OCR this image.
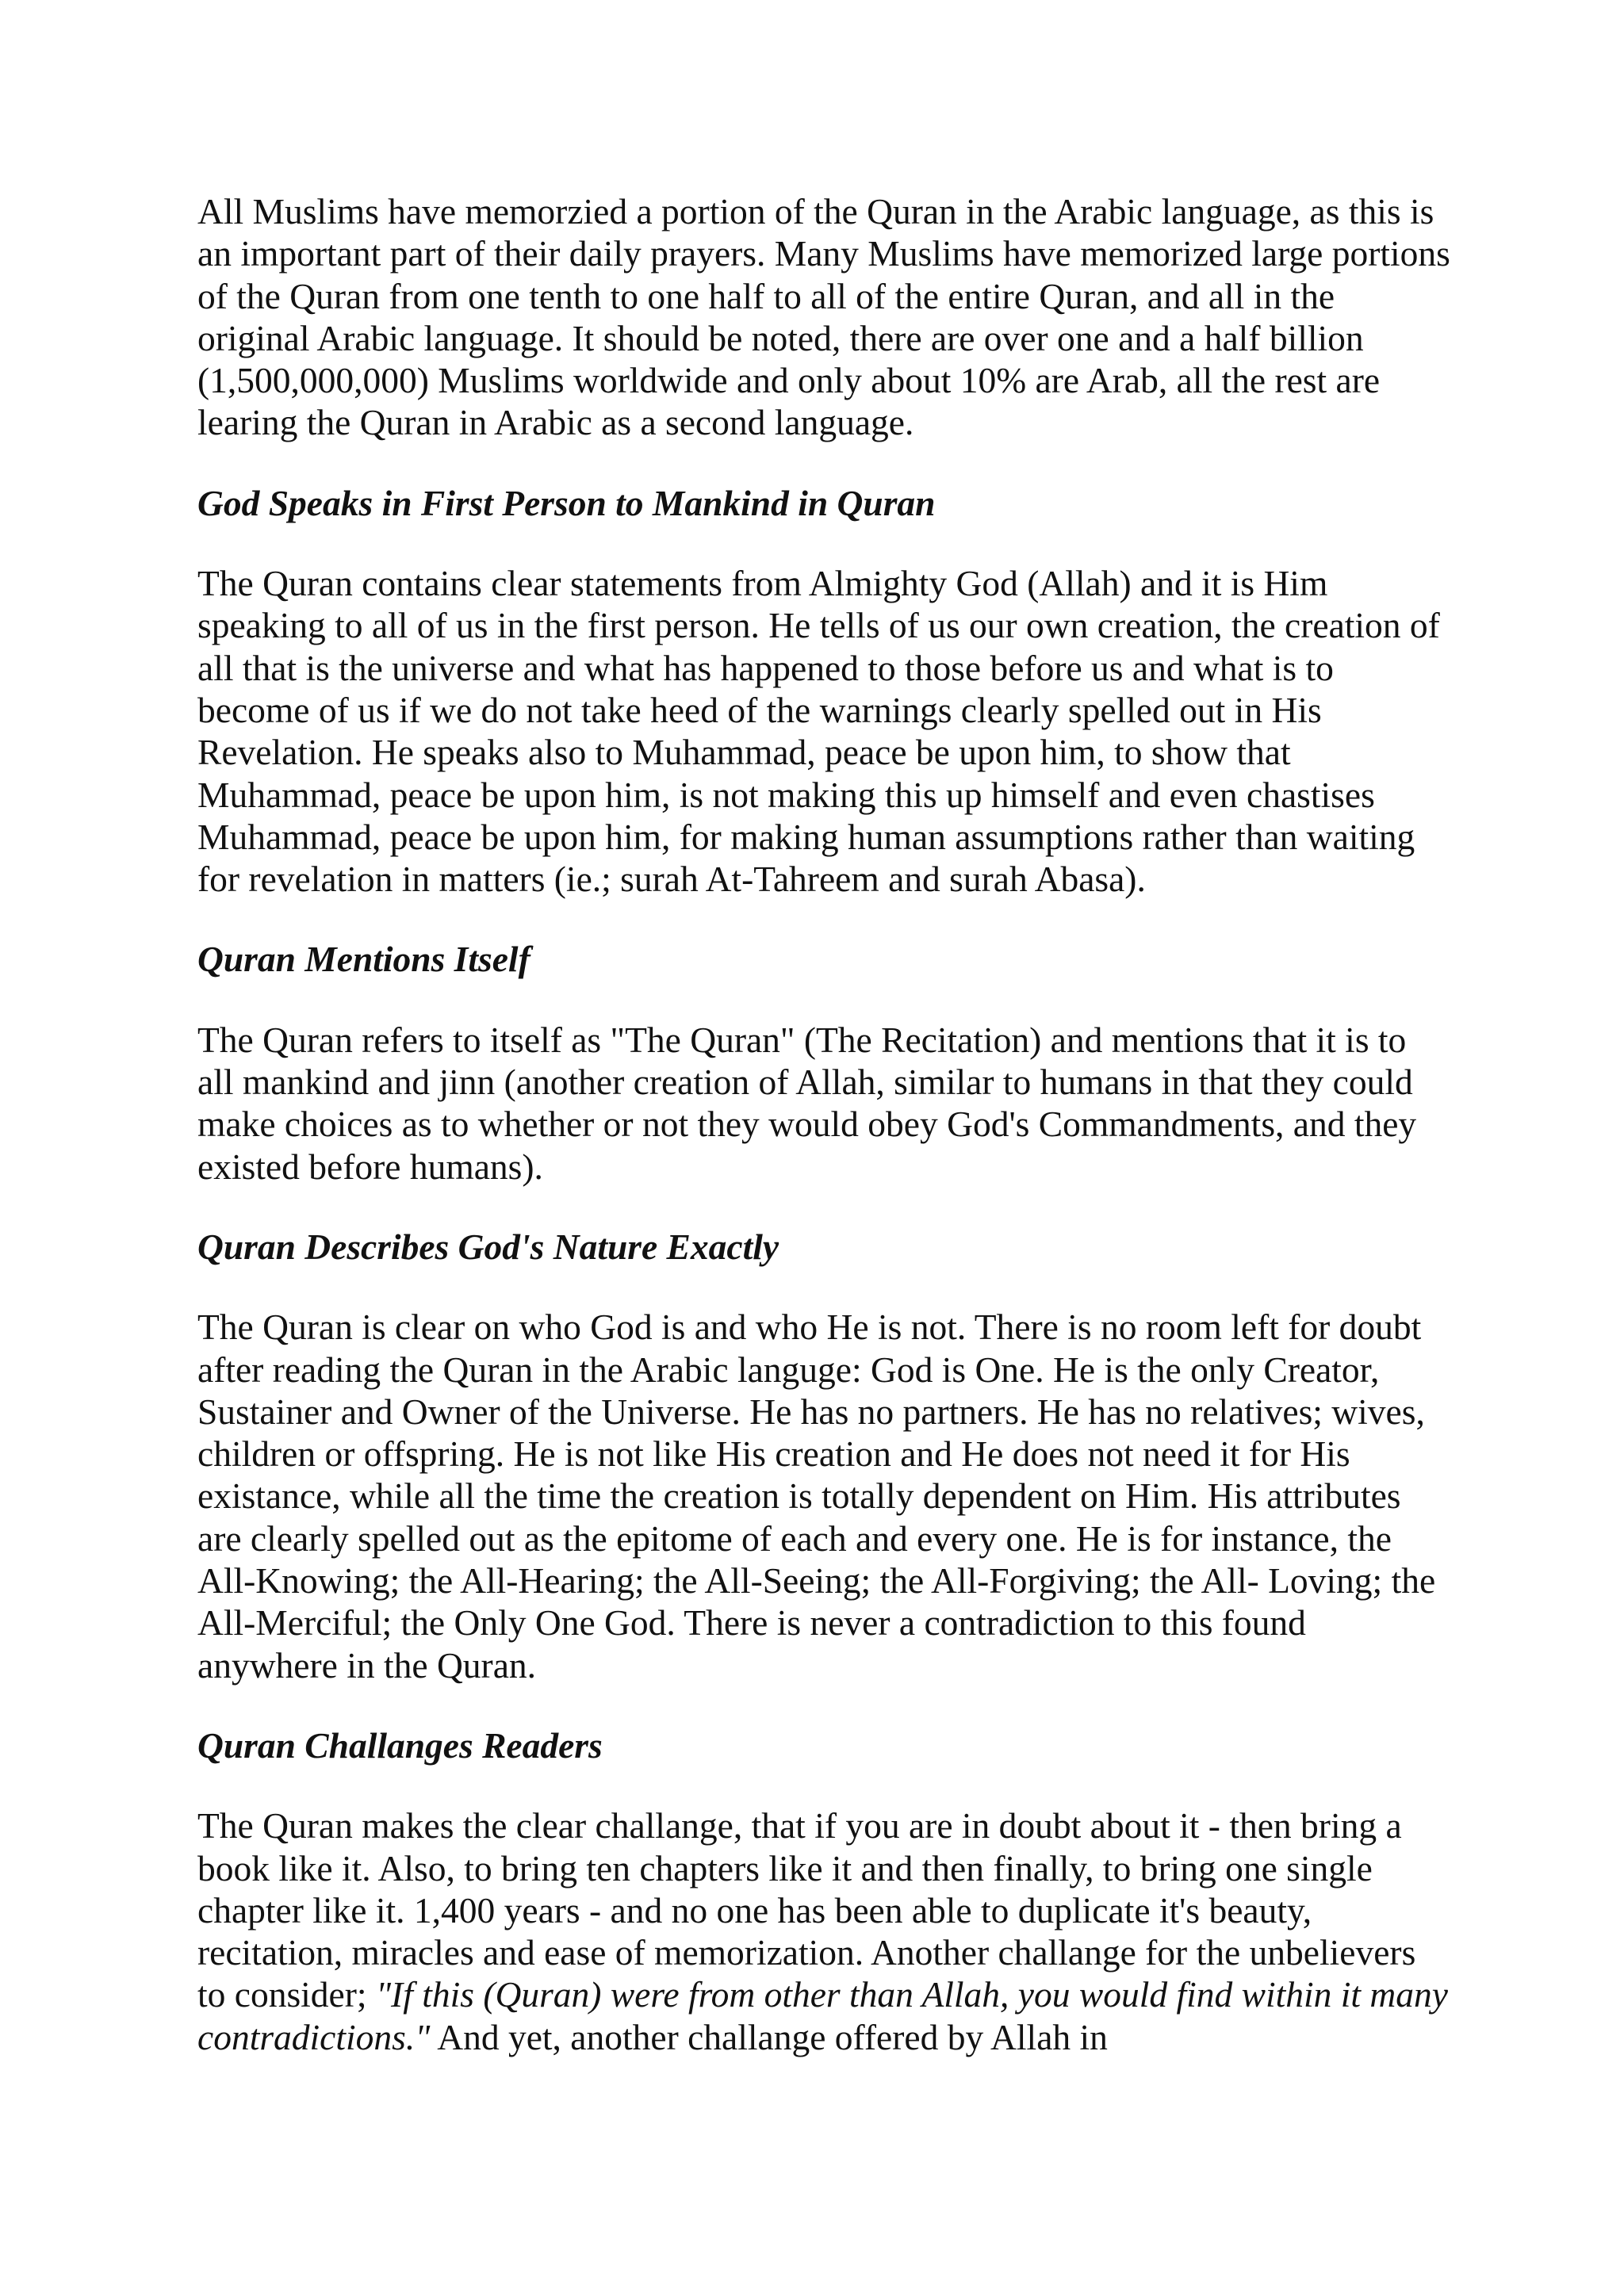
All Muslims have memorzied a portion of the Quran in the Arabic language, as this is an important part of their daily prayers. Many Muslims have memorized large portions of the Quran from one tenth to one half to all of the entire Quran, and all in the original Arabic language. It should be noted, there are over one and a half billion (1,500,000,000) Muslims worldwide and only about 10% are Arab, all the rest are learing the Quran in Arabic as a second language.

God Speaks in First Person to Mankind in Quran

The Quran contains clear statements from Almighty God (Allah) and it is Him speaking to all of us in the first person. He tells of us our own creation, the creation of all that is the universe and what has happened to those before us and what is to become of us if we do not take heed of the warnings clearly spelled out in His Revelation. He speaks also to Muhammad, peace be upon him, to show that Muhammad, peace be upon him, is not making this up himself and even chastises Muhammad, peace be upon him, for making human assumptions rather than waiting for revelation in matters (ie.; surah At-Tahreem and surah Abasa).

Quran Mentions Itself

The Quran refers to itself as "The Quran" (The Recitation) and mentions that it is to all mankind and jinn (another creation of Allah, similar to humans in that they could make choices as to whether or not they would obey God's Commandments, and they existed before humans).

Quran Describes God's Nature Exactly

The Quran is clear on who God is and who He is not. There is no room left for doubt after reading the Quran in the Arabic languge: God is One. He is the only Creator, Sustainer and Owner of the Universe. He has no partners. He has no relatives; wives, children or offspring. He is not like His creation and He does not need it for His existance, while all the time the creation is totally dependent on Him. His attributes are clearly spelled out as the epitome of each and every one. He is for instance, the All-Knowing; the All-Hearing; the All-Seeing; the All-Forgiving; the All- Loving; the All-Merciful; the Only One God. There is never a contradiction to this found anywhere in the Quran.

Quran Challanges Readers

The Quran makes the clear challange, that if you are in doubt about it - then bring a book like it. Also, to bring ten chapters like it and then finally, to bring one single chapter like it. 1,400 years - and no one has been able to duplicate it's beauty, recitation, miracles and ease of memorization. Another challange for the unbelievers to consider; "If this (Quran) were from other than Allah, you would find within it many contradictions." And yet, another challange offered by Allah in
